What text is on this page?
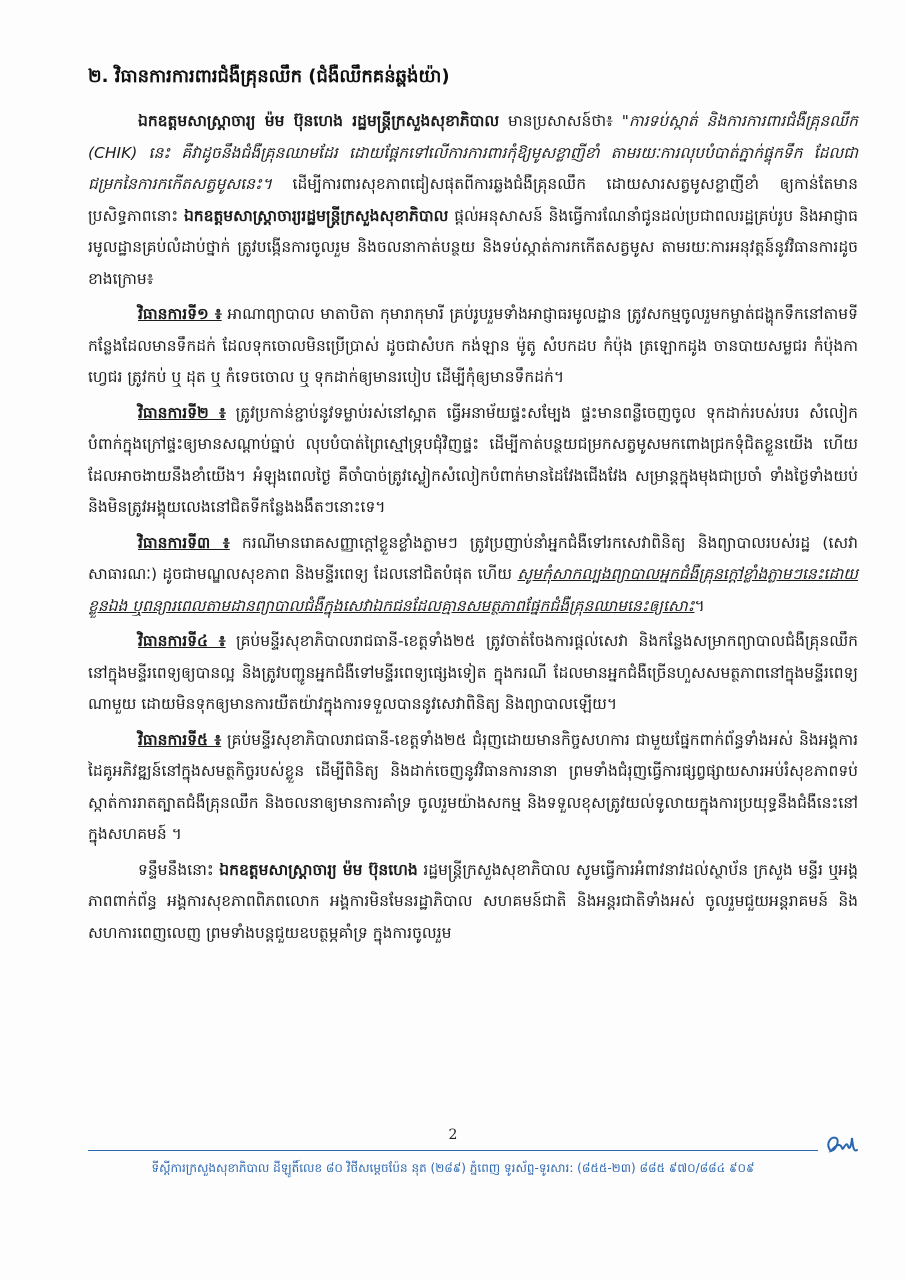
២. វិធានការការពារជំងឺគ្រុនឈឹក (ជំងឺឈឹកគន់ឆ្ពង់យ៉ា)

ឯកឧត្តមសាស្ត្រាចារ្យ ម៉ម ប៊ុនហេង រដ្ឋមន្ត្រីក្រសួងសុខាភិបាល មានប្រសាសន៍ថា៖ "ការទប់ស្កាត់ និងការការពារជំងឺគ្រុនឈឹក (CHIK) នេះ គឺវាដូចនឹងជំងឺគ្រុនឈាមដែរ ដោយផ្តែកទៅលើការការពារកុំឱ្យមូសខ្លាញីខាំ តាមរយៈការលុបបំបាត់ភ្នាក់ផ្ទុកទឹក ដែលជាជម្រកនៃការកកើតសត្វមូសនេះ។ ដើម្បីការពារសុខភាពជៀសផុតពីការឆ្លងជំងឺគ្រុនឈឹក ដោយសារសត្វមូសខ្លាញីខាំ ឲ្យកាន់តែមានប្រសិទ្ធភាពនោះ ឯកឧត្តមសាស្ត្រាចារ្យរដ្ឋមន្ត្រីក្រសួងសុខាភិបាល ផ្តល់អនុសាសន៍ និងធ្វើការណែនាំជូនដល់ប្រជាពលរដ្ឋគ្រប់រូប និងអាជ្ញាធរមូលដ្ឋានគ្រប់លំដាប់ថ្នាក់ ត្រូវបង្កើនការចូលរួម និងចលនាកាត់បន្ថយ និងទប់ស្កាត់ការកកើតសត្វមូស តាមរយៈការអនុវត្តន៍នូវវិធានការដូចខាងក្រោម៖

វិធានការទី១ ៖ អាណាព្យាបាល មាតាបិតា កុមារាកុមារី គ្រប់រូបរួមទាំងអាជ្ញាធរមូលដ្ឋាន ត្រូវសកម្មចូលរួមកម្ចាត់ជង្ហុកទឹកនៅតាមទីកន្លែងដែលមានទឹកដក់ ដែលទុកចោលមិនប្រើប្រាស់ ដូចជាសំបក កង់ឡាន ម៉ូតូ សំបកដប កំប៉ុង ត្រឡោកដូង ចានបាយសម្លជរ កំប៉ុងកាហ្វេជរ ត្រូវកប់ ឬ ដុត ឬ កំទេចចោល ឬ ទុកដាក់ឲ្យមានរបៀប ដើម្បីកុំឲ្យមានទឹកដក់។

វិធានការទី២ ៖ ត្រូវប្រកាន់ខ្ជាប់នូវទម្លាប់រស់នៅស្អាត ធ្វើអនាម័យផ្ទះសម្បែង ផ្ទះមានពន្លឺចេញចូល ទុកដាក់របស់របរ សំលៀកបំពាក់ក្នុងក្រៅផ្ទះឲ្យមានសណ្តាប់ធ្នាប់ លុបបំបាត់ព្រៃស្មៅទ្រុបជុំវិញផ្ទះ ដើម្បីកាត់បន្ថយជម្រកសត្វមូសមកពោងជ្រកទុំជិតខ្លួនយើង ហើយដែលអាចងាយនឹងខាំយើង។ អំឡុងពេលថ្ងៃ គឺចាំបាច់ត្រូវស្លៀកសំលៀកបំពាក់មានដៃវែងជើងវែង សម្រាន្តក្នុងមុងជាប្រចាំ ទាំងថ្ងៃទាំងយប់ និងមិនត្រូវអង្គុយលេងនៅជិតទីកន្លែងងងឹតៗនោះទេ។

វិធានការទី៣ ៖ ករណីមានរោគសញ្ញាក្តៅខ្លួនខ្លាំងភ្លាមៗ ត្រូវប្រញាប់នាំអ្នកជំងឺទៅរកសេវាពិនិត្យ និងព្យាបាលរបស់រដ្ឋ (សេវាសាធារណៈ) ដូចជាមណ្ឌលសុខភាព និងមន្ទីរពេទ្យ ដែលនៅជិតបំផុត ហើយ សូមកុំសាកល្បងព្យាបាលអ្នកជំងឺគ្រុនក្តៅខ្លាំងភ្លាមៗនេះដោយខ្លួនឯង ឬពន្យារពេលតាមដានព្យាបាលជំងឺក្នុងសេវាឯកជនដែលគ្មានសមត្ថភាពផ្នែកជំងឺគ្រុនឈាមនេះឲ្យសោះ។

វិធានការទី៤ ៖ គ្រប់មន្ទីរសុខាភិបាលរាជធានី-ខេត្តទាំង២៥ ត្រូវចាត់ចែងការផ្តល់សេវា និងកន្លែងសម្រាកព្យាបាលជំងឺគ្រុនឈឹក នៅក្នុងមន្ទីរពេទ្យឲ្យបានល្អ និងត្រូវបញ្ជូនអ្នកជំងឺទៅមន្ទីរពេទ្យផ្សេងទៀត ក្នុងករណី ដែលមានអ្នកជំងឺច្រើនហួសសមត្ថភាពនៅក្នុងមន្ទីរពេទ្យណាមួយ ដោយមិនទុកឲ្យមានការយឺតយ៉ាវក្នុងការទទួលបាននូវសេវាពិនិត្យ និងព្យាបាលឡើយ។

វិធានការទី៥ ៖ គ្រប់មន្ទីរសុខាភិបាលរាជធានី-ខេត្តទាំង២៥ ជំរុញដោយមានកិច្ចសហការ ជាមួយផ្នែកពាក់ព័ន្ធទាំងអស់ និងអង្គការដៃគូអភិវឌ្ឍន៍នៅក្នុងសមត្ថកិច្ចរបស់ខ្លួន ដើម្បីពិនិត្យ និងដាក់ចេញនូវវិធានការនានា ព្រមទាំងជំរុញធ្វើការផ្សព្វផ្សាយសារអប់រំសុខភាពទប់ស្កាត់ការរាតត្បាតជំងឺគ្រុនឈឹក និងចលនាឲ្យមានការគាំទ្រ ចូលរួមយ៉ាងសកម្ម និងទទួលខុសត្រូវយល់ទូលាយក្នុងការប្រយុទ្ធនឹងជំងឺនេះនៅក្នុងសហគមន៍ ។

ទន្ទឹមនឹងនោះ ឯកឧត្តមសាស្ត្រាចារ្យ ម៉ម ប៊ុនហេង រដ្ឋមន្ត្រីក្រសួងសុខាភិបាល សូមធ្វើការអំពាវនាវដល់ស្ថាប័ន ក្រសួង មន្ទីរ ឬអង្គភាពពាក់ព័ន្ធ អង្គការសុខភាពពិភពលោក អង្គការមិនមែនរដ្ឋាភិបាល សហគមន៍ជាតិ និងអន្តរជាតិទាំងអស់ ចូលរួមជួយអន្តរាគមន៍ និងសហការពេញលេញ ព្រមទាំងបន្តជួយឧបត្ថម្ភគាំទ្រ ក្នុងការចូលរួម

2
ទីស្តីការក្រសួងសុខាភិបាល ដីឡូតិ៍លេខ ៨០ វិថីសម្តេចប៉ែន នុត (២៨៩) ភ្នំពេញ ទូរស័ព្ទ-ទូរសារ: (៨៥៥-២៣) ៨៨៥ ៩៧០/៨៨៤ ៩០៩
